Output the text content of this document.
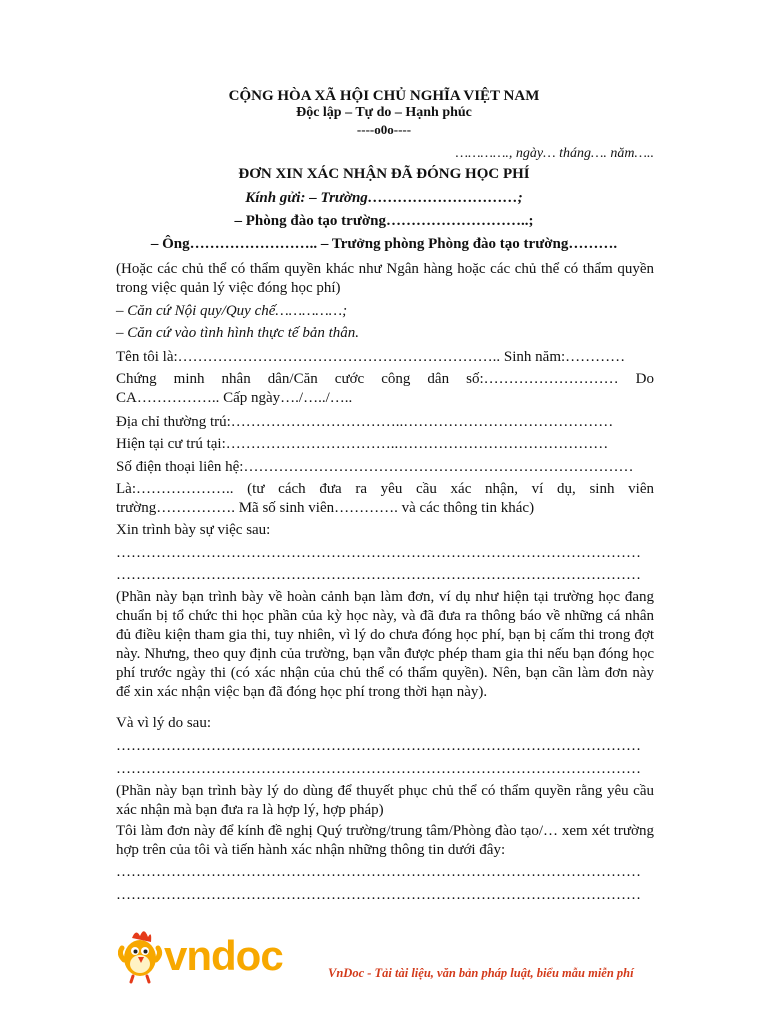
CỘNG HÒA XÃ HỘI CHỦ NGHĨA VIỆT NAM
Độc lập – Tự do – Hạnh phúc
----o0o----
…………., ngày… tháng…. năm…..
ĐƠN XIN XÁC NHẬN ĐÃ ĐÓNG HỌC PHÍ
Kính gửi: – Trường…………………………;
– Phòng đào tạo trường………………………..;
– Ông…………………….. – Trưởng phòng Phòng đào tạo trường……….
(Hoặc các chủ thể có thẩm quyền khác như Ngân hàng hoặc các chủ thể có thẩm quyền trong việc quản lý việc đóng học phí)
– Căn cứ Nội quy/Quy chế……………;
– Căn cứ vào tình hình thực tế bản thân.
Tên tôi là:……………………………………………………….. Sinh năm:…………
Chứng minh nhân dân/Căn cước công dân số:……………………… Do CA…………….. Cấp ngày…./…../…..
Địa chỉ thường trú:……………………………..……………………………………
Hiện tại cư trú tại:……………………………..……………………………………
Số điện thoại liên hệ:……………………………………………………………………
Là:……………….. (tư cách đưa ra yêu cầu xác nhận, ví dụ, sinh viên trường……………. Mã số sinh viên…………. và các thông tin khác)
Xin trình bày sự việc sau:
……………………………………………………………………………………………
……………………………………………………………………………………………
(Phần này bạn trình bày về hoàn cảnh bạn làm đơn, ví dụ như hiện tại trường học đang chuẩn bị tổ chức thi học phần của kỳ học này, và đã đưa ra thông báo về những cá nhân đủ điều kiện tham gia thi, tuy nhiên, vì lý do chưa đóng học phí, bạn bị cấm thi trong đợt này. Nhưng, theo quy định của trường, bạn vẫn được phép tham gia thi nếu bạn đóng học phí trước ngày thi (có xác nhận của chủ thể có thẩm quyền). Nên, bạn cần làm đơn này để xin xác nhận việc bạn đã đóng học phí trong thời hạn này).
Và vì lý do sau:
……………………………………………………………………………………………
……………………………………………………………………………………………
(Phần này bạn trình bày lý do dùng để thuyết phục chủ thể có thẩm quyền rằng yêu cầu xác nhận mà bạn đưa ra là hợp lý, hợp pháp)
Tôi làm đơn này để kính đề nghị Quý trường/trung tâm/Phòng đào tạo/… xem xét trường hợp trên của tôi và tiến hành xác nhận những thông tin dưới đây:
……………………………………………………………………………………………
……………………………………………………………………………………………
vndoc	VnDoc - Tải tài liệu, văn bản pháp luật, biểu mẫu miễn phí
